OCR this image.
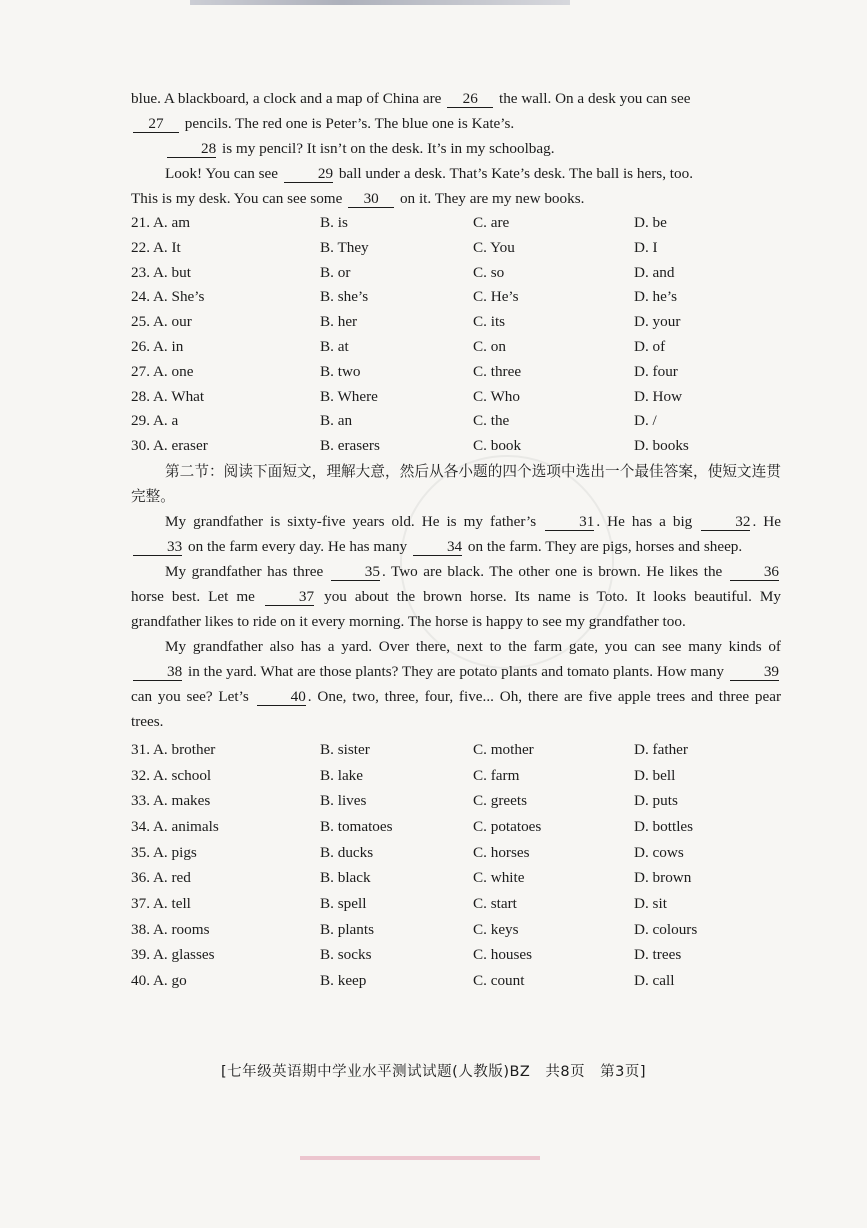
blue. A blackboard, a clock and a map of China are 26 the wall. On a desk you can see

27 pencils. The red one is Peter’s. The blue one is Kate’s.

28 is my pencil? It isn’t on the desk. It’s in my schoolbag.

Look! You can see 29 ball under a desk. That’s Kate’s desk. The ball is hers, too.

This is my desk. You can see some 30 on it. They are my new books.

21. A. am	B. is	C. are	D. be
22. A. It	B. They	C. You	D. I
23. A. but	B. or	C. so	D. and
24. A. She’s	B. she’s	C. He’s	D. he’s
25. A. our	B. her	C. its	D. your
26. A. in	B. at	C. on	D. of
27. A. one	B. two	C. three	D. four
28. A. What	B. Where	C. Who	D. How
29. A. a	B. an	C. the	D. /
30. A. eraser	B. erasers	C. book	D. books

第二节：阅读下面短文，理解大意，然后从各小题的四个选项中选出一个最佳答案，使短文连贯完整。

My grandfather is sixty-five years old. He is my father’s 31 . He has a big 32 . He 33 on the farm every day. He has many 34 on the farm. They are pigs, horses and sheep.

My grandfather has three 35 . Two are black. The other one is brown. He likes the 36 horse best. Let me 37 you about the brown horse. Its name is Toto. It looks beautiful. My grandfather likes to ride on it every morning. The horse is happy to see my grandfather too.

My grandfather also has a yard. Over there, next to the farm gate, you can see many kinds of 38 in the yard. What are those plants? They are potato plants and tomato plants. How many 39 can you see? Let’s 40 . One, two, three, four, five... Oh, there are five apple trees and three pear trees.

31. A. brother	B. sister	C. mother	D. father
32. A. school	B. lake	C. farm	D. bell
33. A. makes	B. lives	C. greets	D. puts
34. A. animals	B. tomatoes	C. potatoes	D. bottles
35. A. pigs	B. ducks	C. horses	D. cows
36. A. red	B. black	C. white	D. brown
37. A. tell	B. spell	C. start	D. sit
38. A. rooms	B. plants	C. keys	D. colours
39. A. glasses	B. socks	C. houses	D. trees
40. A. go	B. keep	C. count	D. call
[七年级英语期中学业水平测试试题(人教版)BZ　共8页　第3页]
